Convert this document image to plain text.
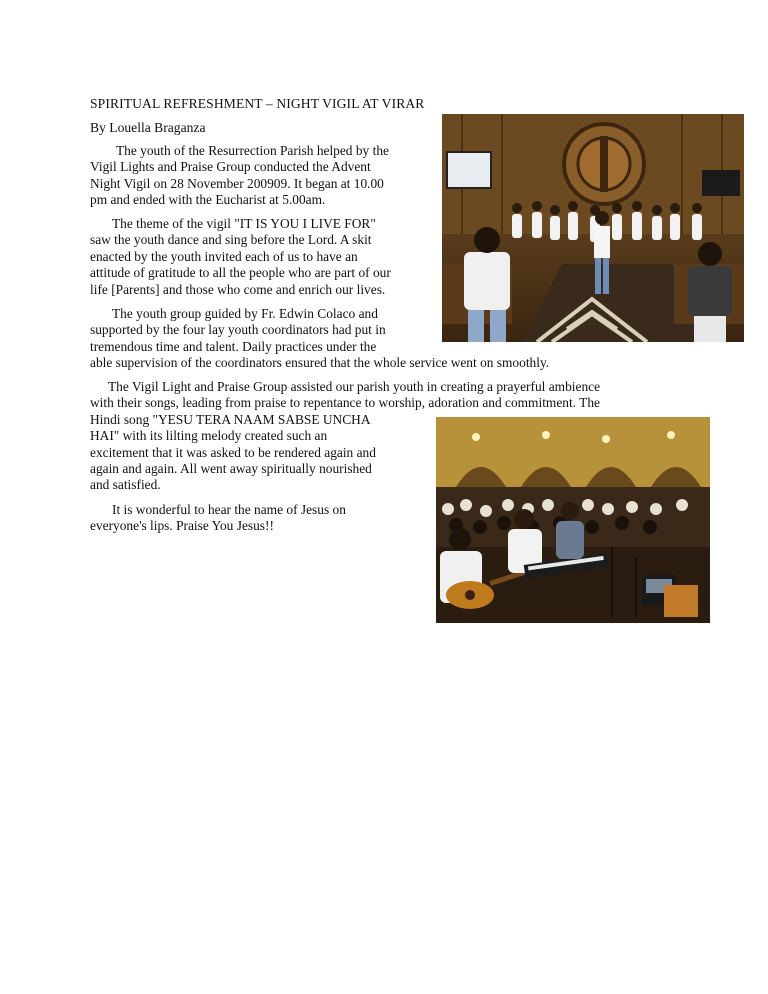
SPIRITUAL REFRESHMENT – NIGHT VIGIL AT VIRAR
By Louella Braganza

The youth of the Resurrection Parish helped by the
Vigil Lights and Praise Group conducted the Advent
Night Vigil on 28 November 200909. It began at 10.00
pm and ended with the Eucharist at 5.00am.

The theme of the vigil "IT IS YOU I LIVE FOR"
saw the youth dance and sing before the Lord. A skit
enacted by the youth invited each of us to have an
attitude of gratitude to all the people who are part of our
life [Parents] and those who come and enrich our lives.

The youth group guided by Fr. Edwin Colaco and
supported by the four lay youth coordinators had put in
tremendous time and talent. Daily practices under the
able supervision of the coordinators ensured that the whole service went on smoothly.

The Vigil Light and Praise Group assisted our parish youth in creating a prayerful ambience
with their songs, leading from praise to repentance to worship, adoration and commitment. The
Hindi song "YESU TERA NAAM SABSE UNCHA
HAI" with its lilting melody created such an
excitement that it was asked to be rendered again and
again and again. All went away spiritually nourished
and satisfied.

It is wonderful to hear the name of Jesus on
everyone's lips. Praise You Jesus!!
